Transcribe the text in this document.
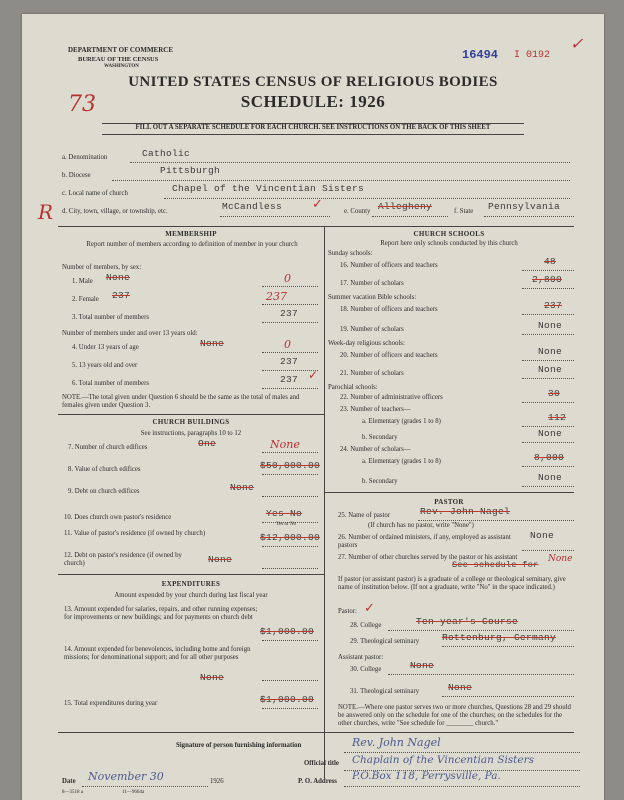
DEPARTMENT OF COMMERCE
BUREAU OF THE CENSUS
WASHINGTON
16494 I 0192
✓
73
UNITED STATES CENSUS OF RELIGIOUS BODIES
SCHEDULE: 1926
FILL OUT A SEPARATE SCHEDULE FOR EACH CHURCH. SEE INSTRUCTIONS ON THE BACK OF THIS SHEET
a. Denomination	Catholic
b. Diocese	Pittsburgh
c. Local name of church	Chapel of the Vincentian Sisters
R d. City, town, village, or township, etc.	McCandless ✓
e. County Allegheny	f. State Pennsylvania
MEMBERSHIP
Report number of members according to definition of member in your church
Number of members, by sex:
1. Male None	0
2. Female 237	237
3. Total number of members	237
Number of members under and over 13 years old:
4. Under 13 years of age	None	0
5. 13 years old and over	237
6. Total number of members	237 ✓
NOTE.—The total given under Question 6 should be the same as the total of males and females given under Question 3.
CHURCH BUILDINGS
See instructions, paragraphs 10 to 12
7. Number of church edifices	One	None
8. Value of church edifices	$50,000.00
9. Debt on church edifices	None
10. Does church own pastor's residence	Yes No
Yes or No
11. Value of pastor's residence (if owned by church)	$12,000.00
12. Debt on pastor's residence (if owned by church)	None
EXPENDITURES
Amount expended by your church during last fiscal year
13. Amount expended for salaries, repairs, and other running expenses; for improvements or new buildings; and for payments on church debt
$1,000.00
14. Amount expended for benevolences, including home and foreign missions; for denominational support; and for all other purposes
None
15. Total expenditures during year	$1,000.00
CHURCH SCHOOLS
Report here only schools conducted by this church
Sunday schools:
16. Number of officers and teachers	48
17. Number of scholars	2,800
Summer vacation Bible schools:
18. Number of officers and teachers	237
19. Number of scholars	None
Week-day religious schools:
20. Number of officers and teachers	None
21. Number of scholars	None
Parochial schools:
22. Number of administrative officers	30
23. Number of teachers—
a. Elementary (grades 1 to 8)	112
b. Secondary	None
24. Number of scholars—
a. Elementary (grades 1 to 8)	8,000
b. Secondary	None
PASTOR
25. Name of pastor	Rev. John Nagel
(If church has no pastor, write "None")
26. Number of ordained ministers, if any, employed as assistant pastors
None
27. Number of other churches served by the pastor or his assistant
See schedule for
None
If pastor (or assistant pastor) is a graduate of a college or theological seminary, give name of institution below. (If not a graduate, write "No" in the space indicated.)
Pastor: ✓
28. College	Ten year's Course
29. Theological seminary Rottenburg, Germany
Assistant pastor:
30. College	None
31. Theological seminary	None
NOTE.—Where one pastor serves two or more churches, Questions 28 and 29 should be answered only on the schedule for one of the churches; on the schedules for the other churches, write "See schedule for ________ church."
Signature of person furnishing information	Rev. John Nagel
Official title Chaplain of the Vincentian Sisters
Date November 30	1926	P. O. Address P.O.Box 118, Perrysville, Pa.
8—3518 a	11—9664a
